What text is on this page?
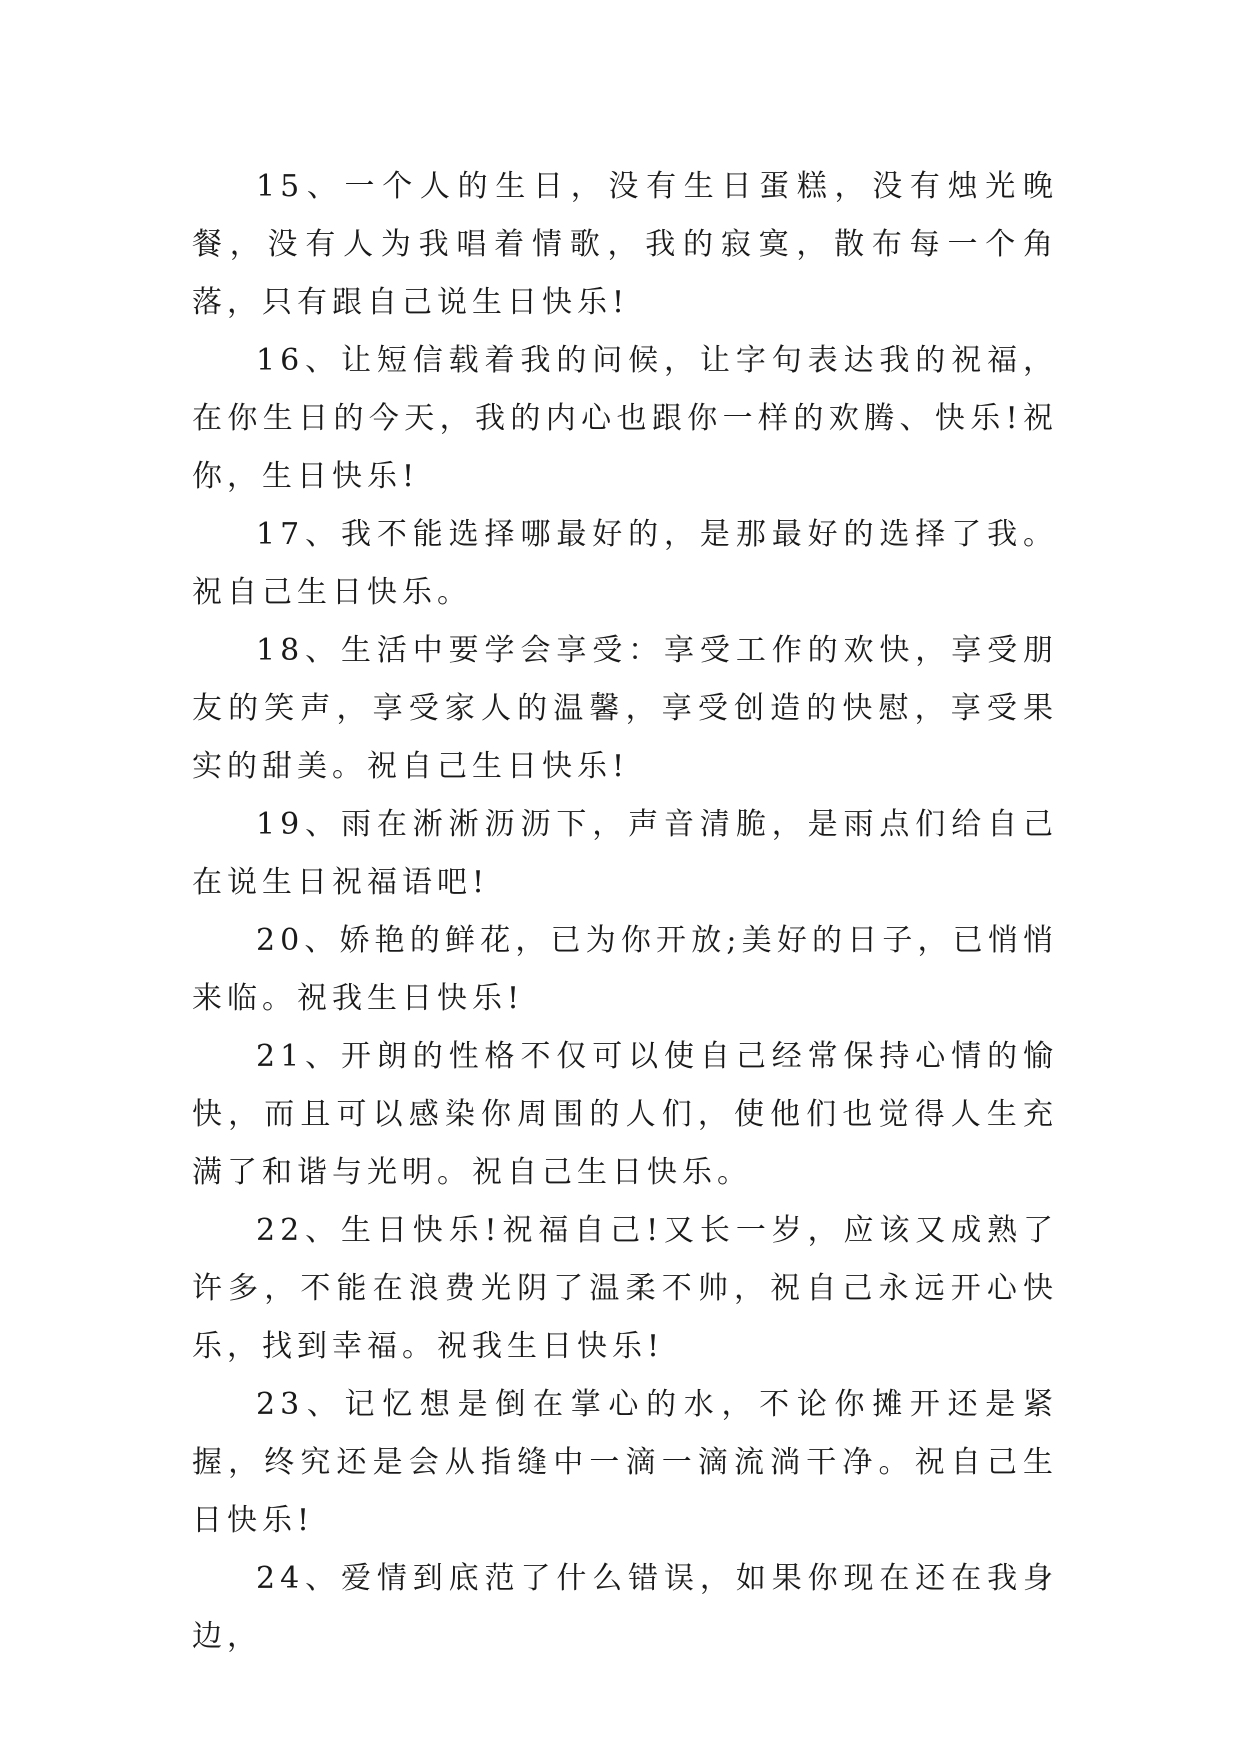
15、一个人的生日，没有生日蛋糕，没有烛光晚餐，没有人为我唱着情歌，我的寂寞，散布每一个角落，只有跟自己说生日快乐!

16、让短信载着我的问候，让字句表达我的祝福，在你生日的今天，我的内心也跟你一样的欢腾、快乐!祝你，生日快乐!

17、我不能选择哪最好的，是那最好的选择了我。祝自己生日快乐。

18、生活中要学会享受：享受工作的欢快，享受朋友的笑声，享受家人的温馨，享受创造的快慰，享受果实的甜美。祝自己生日快乐!

19、雨在淅淅沥沥下，声音清脆，是雨点们给自己在说生日祝福语吧!

20、娇艳的鲜花，已为你开放;美好的日子，已悄悄来临。祝我生日快乐!

21、开朗的性格不仅可以使自己经常保持心情的愉快，而且可以感染你周围的人们，使他们也觉得人生充满了和谐与光明。祝自己生日快乐。

22、生日快乐!祝福自己!又长一岁，应该又成熟了许多，不能在浪费光阴了温柔不帅，祝自己永远开心快乐，找到幸福。祝我生日快乐!

23、记忆想是倒在掌心的水，不论你摊开还是紧握，终究还是会从指缝中一滴一滴流淌干净。祝自己生日快乐!

24、爱情到底范了什么错误，如果你现在还在我身边，
